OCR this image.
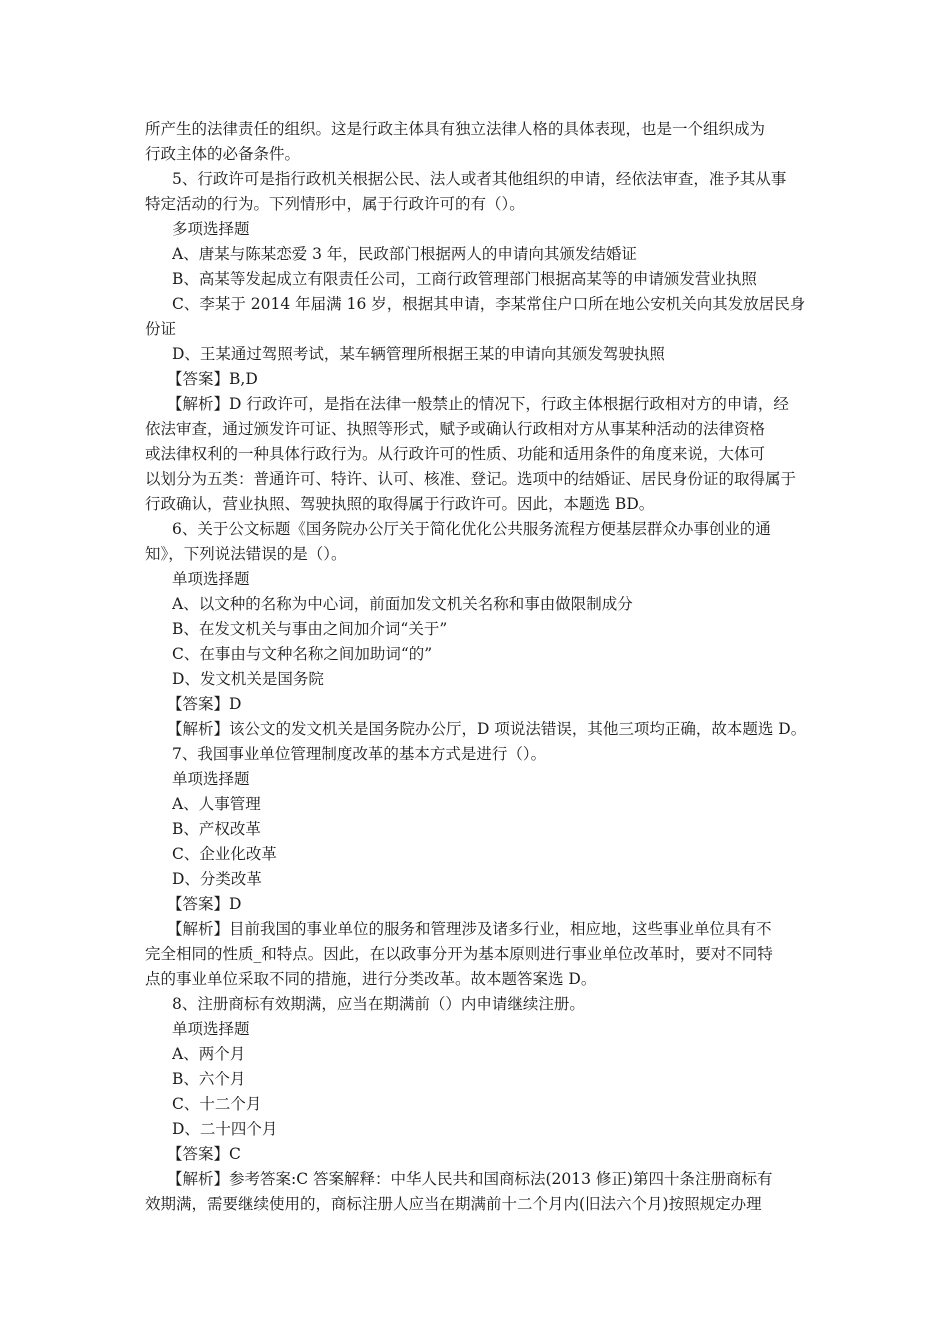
所产生的法律责任的组织。这是行政主体具有独立法律人格的具体表现，也是一个组织成为
行政主体的必备条件。
5、行政许可是指行政机关根据公民、法人或者其他组织的申请，经依法审查，准予其从事
特定活动的行为。下列情形中，属于行政许可的有（）。
多项选择题
A、唐某与陈某恋爱 3 年，民政部门根据两人的申请向其颁发结婚证
B、高某等发起成立有限责任公司，工商行政管理部门根据高某等的申请颁发营业执照
C、李某于 2014 年届满 16 岁，根据其申请，李某常住户口所在地公安机关向其发放居民身
份证
D、王某通过驾照考试，某车辆管理所根据王某的申请向其颁发驾驶执照
【答案】B,D
【解析】D 行政许可，是指在法律一般禁止的情况下，行政主体根据行政相对方的申请，经
依法审查，通过颁发许可证、执照等形式，赋予或确认行政相对方从事某种活动的法律资格
或法律权利的一种具体行政行为。从行政许可的性质、功能和适用条件的角度来说，大体可
以划分为五类：普通许可、特许、认可、核准、登记。选项中的结婚证、居民身份证的取得属于
行政确认，营业执照、驾驶执照的取得属于行政许可。因此，本题选 BD。
6、关于公文标题《国务院办公厅关于简化优化公共服务流程方便基层群众办事创业的通
知》，下列说法错误的是（）。
单项选择题
A、以文种的名称为中心词，前面加发文机关名称和事由做限制成分
B、在发文机关与事由之间加介词“关于”
C、在事由与文种名称之间加助词“的”
D、发文机关是国务院
【答案】D
【解析】该公文的发文机关是国务院办公厅，D 项说法错误，其他三项均正确，故本题选 D。
7、我国事业单位管理制度改革的基本方式是进行（）。
单项选择题
A、人事管理
B、产权改革
C、企业化改革
D、分类改革
【答案】D
【解析】目前我国的事业单位的服务和管理涉及诸多行业，相应地，这些事业单位具有不
完全相同的性质_和特点。因此，在以政事分开为基本原则进行事业单位改革时，要对不同特
点的事业单位采取不同的措施，进行分类改革。故本题答案选 D。
8、注册商标有效期满，应当在期满前（）内申请继续注册。
单项选择题
A、两个月
B、六个月
C、十二个月
D、二十四个月
【答案】C
【解析】参考答案:C 答案解释：中华人民共和国商标法(2013 修正)第四十条注册商标有
效期满，需要继续使用的，商标注册人应当在期满前十二个月内(旧法六个月)按照规定办理
